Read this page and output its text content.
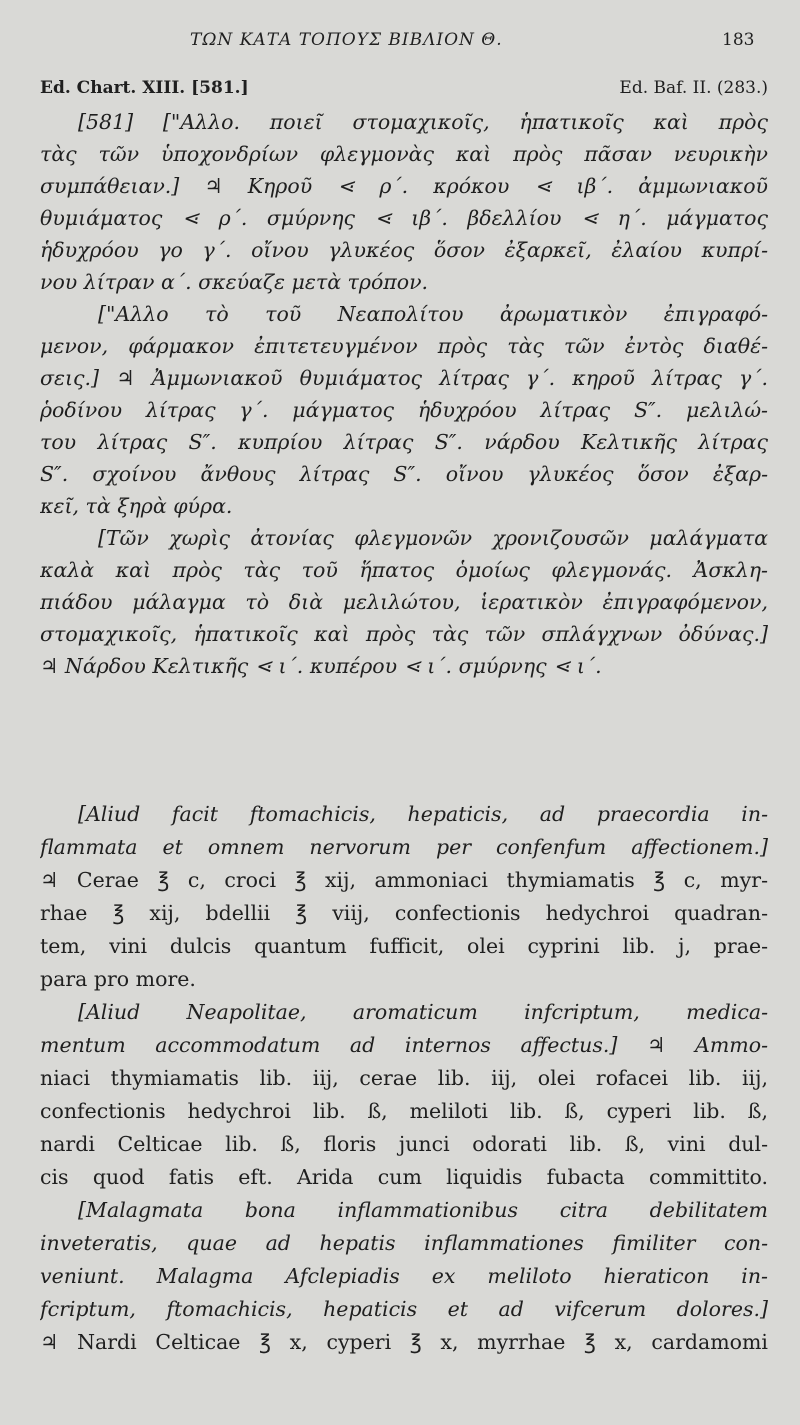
ΤΩΝ ΚΑΤΑ ΤΟΠΟΥΣ ΒΙΒΛΙΟΝ Θ.	183
Ed. Chart. XIII. [581.]	Ed. Baf. II. (283.)
[581] ["Αλλο. ποιεῖ στομαχικοῖς, ἡπατικοῖς καὶ πρὸς
τὰς τῶν ὑποχονδρίων φλεγμονὰς καὶ πρὸς πᾶσαν νευρικὴν
συμπάθειαν.] ♃ Κηροῦ ⋖ ρ΄. κρόκου ⋖ ιβ΄. ἀμμωνιακοῦ
θυμιάματος ⋖ ρ΄. σμύρνης ⋖ ιβ΄. βδελλίου ⋖ η΄. μάγματος
ἡδυχρόου γο γ΄. οἴνου γλυκέος ὅσον ἐξαρκεῖ, ἐλαίου κυπρί-
νου λίτραν α΄. σκεύαζε μετὰ τρόπον.
["Αλλο τὸ τοῦ Νεαπολίτου ἀρωματικὸν ἐπιγραφό-
μενον, φάρμακον ἐπιτετευγμένον πρὸς τὰς τῶν ἐντὸς διαθέ-
σεις.] ♃ Ἀμμωνιακοῦ θυμιάματος λίτρας γ΄. κηροῦ λίτρας γ΄.
ῥοδίνου λίτρας γ΄. μάγματος ἡδυχρόου λίτρας S″. μελιλώ-
του λίτρας S″. κυπρίου λίτρας S″. νάρδου Κελτικῆς λίτρας
S″. σχοίνου ἄνθους λίτρας S″. οἴνου γλυκέος ὅσον ἐξαρ-
κεῖ, τὰ ξηρὰ φύρα.
[Τῶν χωρὶς ἀτονίας φλεγμονῶν χρονιζουσῶν μαλάγματα
καλὰ καὶ πρὸς τὰς τοῦ ἥπατος ὁμοίως φλεγμονάς. Ἀσκλη-
πιάδου μάλαγμα τὸ διὰ μελιλώτου, ἱερατικὸν ἐπιγραφόμενον,
στομαχικοῖς, ἡπατικοῖς καὶ πρὸς τὰς τῶν σπλάγχνων ὀδύνας.]
♃ Νάρδου Κελτικῆς ⋖ ι΄. κυπέρου ⋖ ι΄. σμύρνης ⋖ ι΄.
[Aliud facit ftomachicis, hepaticis, ad praecordia in-
flammata et omnem nervorum per confenfum affectionem.]
♃ Cerae ℥ c, croci ℥ xij, ammoniaci thymiamatis ℥ c, myr-
rhae ℥ xij, bdellii ℥ viij, confectionis hedychroi quadran-
tem, vini dulcis quantum fufficit, olei cyprini lib. j, prae-
para pro more.
[Aliud Neapolitae, aromaticum infcriptum, medica-
mentum accommodatum ad internos affectus.] ♃ Ammo-
niaci thymiamatis lib. iij, cerae lib. iij, olei rofacei lib. iij,
confectionis hedychroi lib. ß, meliloti lib. ß, cyperi lib. ß,
nardi Celticae lib. ß, floris junci odorati lib. ß, vini dul-
cis quod fatis eft. Arida cum liquidis fubacta committito.
[Malagmata bona inflammationibus citra debilitatem
inveteratis, quae ad hepatis inflammationes fimiliter con-
veniunt. Malagma Afclepiadis ex meliloto hieraticon in-
fcriptum, ftomachicis, hepaticis et ad vifcerum dolores.]
♃ Nardi Celticae ℥ x, cyperi ℥ x, myrrhae ℥ x, cardamomi
